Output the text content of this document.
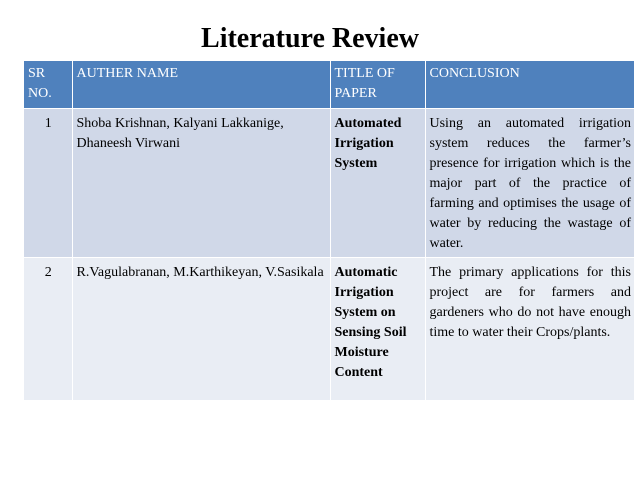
Literature Review
SR NO.	AUTHER NAME	TITLE OF PAPER	CONCLUSION
1	Shoba Krishnan, Kalyani Lakkanige, Dhaneesh Virwani	Automated Irrigation System	Using an automated irrigation system reduces the farmer’s presence for irrigation which is the major part of the practice of farming and optimises the usage of water by reducing the wastage of water.
2	R.Vagulabranan, M.Karthikeyan, V.Sasikala	Automatic Irrigation System on Sensing Soil Moisture Content	The primary applications for this project are for farmers and gardeners who do not have enough time to water their Crops/plants.
